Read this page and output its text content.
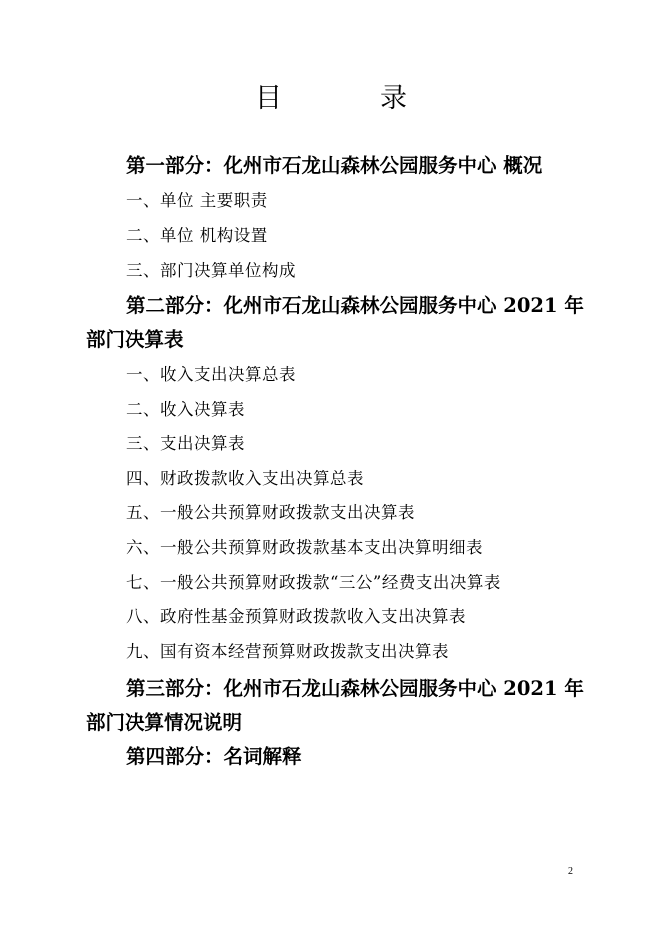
目	录
第一部分：化州市石龙山森林公园服务中心 概况
一、单位 主要职责
二、单位 机构设置
三、部门决算单位构成
第二部分：化州市石龙山森林公园服务中心 2021 年
部门决算表
一、收入支出决算总表
二、收入决算表
三、支出决算表
四、财政拨款收入支出决算总表
五、一般公共预算财政拨款支出决算表
六、一般公共预算财政拨款基本支出决算明细表
七、一般公共预算财政拨款“三公”经费支出决算表
八、政府性基金预算财政拨款收入支出决算表
九、国有资本经营预算财政拨款支出决算表
第三部分：化州市石龙山森林公园服务中心 2021 年
部门决算情况说明
第四部分：名词解释
2
